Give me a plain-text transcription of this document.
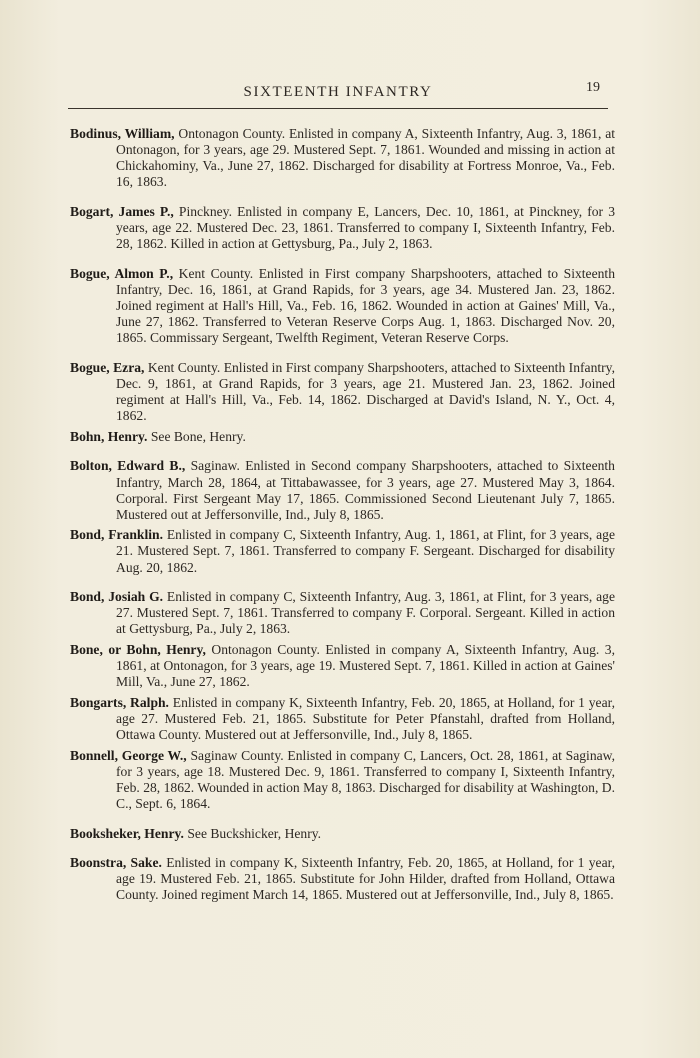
SIXTEENTH INFANTRY	19

Bodinus, William, Ontonagon County. Enlisted in company A, Sixteenth Infantry, Aug. 3, 1861, at Ontonagon, for 3 years, age 29. Mustered Sept. 7, 1861. Wounded and missing in action at Chickahominy, Va., June 27, 1862. Discharged for disability at Fortress Monroe, Va., Feb. 16, 1863.

Bogart, James P., Pinckney. Enlisted in company E, Lancers, Dec. 10, 1861, at Pinckney, for 3 years, age 22. Mustered Dec. 23, 1861. Transferred to company I, Sixteenth Infantry, Feb. 28, 1862. Killed in action at Gettysburg, Pa., July 2, 1863.

Bogue, Almon P., Kent County. Enlisted in First company Sharpshooters, attached to Sixteenth Infantry, Dec. 16, 1861, at Grand Rapids, for 3 years, age 34. Mustered Jan. 23, 1862. Joined regiment at Hall's Hill, Va., Feb. 16, 1862. Wounded in action at Gaines' Mill, Va., June 27, 1862. Transferred to Veteran Reserve Corps Aug. 1, 1863. Discharged Nov. 20, 1865. Commissary Sergeant, Twelfth Regiment, Veteran Reserve Corps.

Bogue, Ezra, Kent County. Enlisted in First company Sharpshooters, attached to Sixteenth Infantry, Dec. 9, 1861, at Grand Rapids, for 3 years, age 21. Mustered Jan. 23, 1862. Joined regiment at Hall's Hill, Va., Feb. 14, 1862. Discharged at David's Island, N. Y., Oct. 4, 1862.

Bohn, Henry. See Bone, Henry.

Bolton, Edward B., Saginaw. Enlisted in Second company Sharpshooters, attached to Sixteenth Infantry, March 28, 1864, at Tittabawassee, for 3 years, age 27. Mustered May 3, 1864. Corporal. First Sergeant May 17, 1865. Commissioned Second Lieutenant July 7, 1865. Mustered out at Jeffersonville, Ind., July 8, 1865.

Bond, Franklin. Enlisted in company C, Sixteenth Infantry, Aug. 1, 1861, at Flint, for 3 years, age 21. Mustered Sept. 7, 1861. Transferred to company F. Sergeant. Discharged for disability Aug. 20, 1862.

Bond, Josiah G. Enlisted in company C, Sixteenth Infantry, Aug. 3, 1861, at Flint, for 3 years, age 27. Mustered Sept. 7, 1861. Transferred to company F. Corporal. Sergeant. Killed in action at Gettysburg, Pa., July 2, 1863.

Bone, or Bohn, Henry, Ontonagon County. Enlisted in company A, Sixteenth Infantry, Aug. 3, 1861, at Ontonagon, for 3 years, age 19. Mustered Sept. 7, 1861. Killed in action at Gaines' Mill, Va., June 27, 1862.

Bongarts, Ralph. Enlisted in company K, Sixteenth Infantry, Feb. 20, 1865, at Holland, for 1 year, age 27. Mustered Feb. 21, 1865. Substitute for Peter Pfanstahl, drafted from Holland, Ottawa County. Mustered out at Jeffersonville, Ind., July 8, 1865.

Bonnell, George W., Saginaw County. Enlisted in company C, Lancers, Oct. 28, 1861, at Saginaw, for 3 years, age 18. Mustered Dec. 9, 1861. Transferred to company I, Sixteenth Infantry, Feb. 28, 1862. Wounded in action May 8, 1863. Discharged for disability at Washington, D. C., Sept. 6, 1864.

Booksheker, Henry. See Buckshicker, Henry.

Boonstra, Sake. Enlisted in company K, Sixteenth Infantry, Feb. 20, 1865, at Holland, for 1 year, age 19. Mustered Feb. 21, 1865. Substitute for John Hilder, drafted from Holland, Ottawa County. Joined regiment March 14, 1865. Mustered out at Jeffersonville, Ind., July 8, 1865.
